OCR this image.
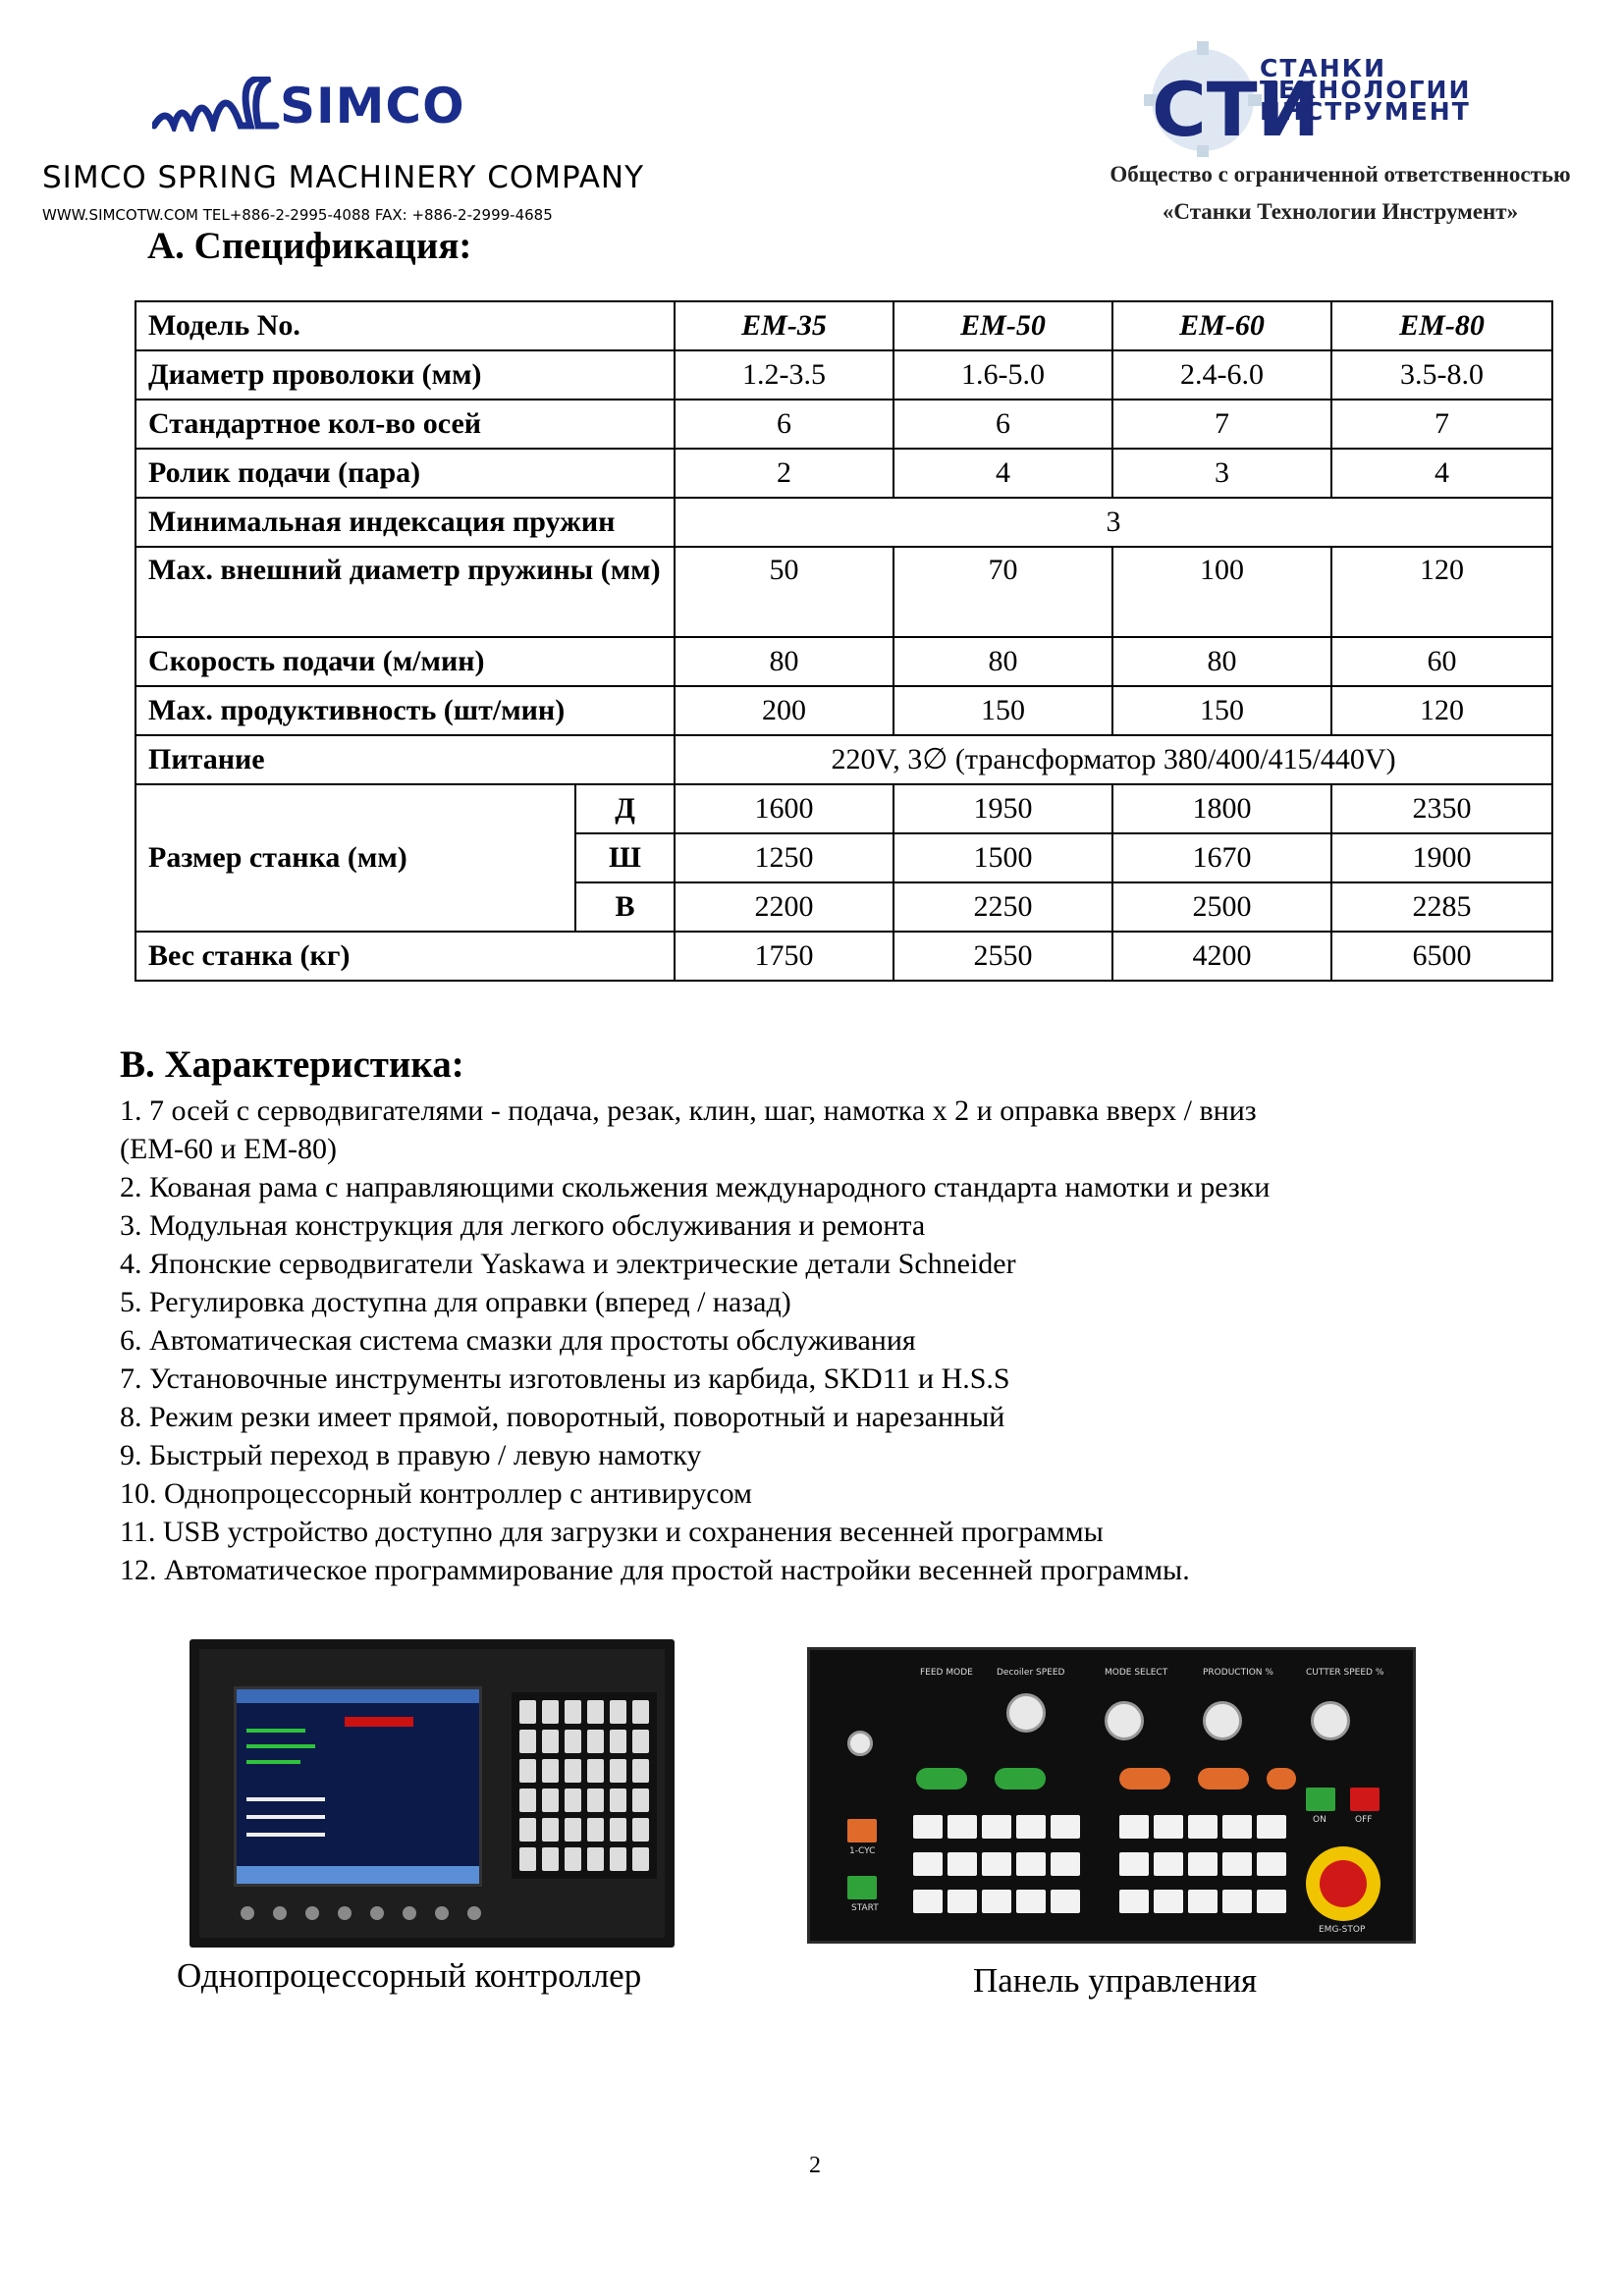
SIMCO
SIMCO SPRING MACHINERY COMPANY
WWW.SIMCOTW.COM TEL+886-2-2995-4088 FAX: +886-2-2999-4685
СТИ
СТАНКИ
ТЕХНОЛОГИИ
ИНСТРУМЕНТ
Общество с ограниченной ответственностью
«Станки Технологии Инструмент»
A. Спецификация:
Модель No.		EM-35	EM-50	EM-60	EM-80
Диаметр проволоки (мм)		1.2-3.5	1.6-5.0	2.4-6.0	3.5-8.0
Стандартное кол-во осей		6	6	7	7
Ролик подачи (пара)		2	4	3	4
Минимальная индексация пружин		3			
Max. внешний диаметр пружины (мм)		50	70	100	120
Скорость подачи (м/мин)		80	80	80	60
Max. продуктивность (шт/мин)		200	150	150	120
Питание		220V, 3∅ (трансформатор 380/400/415/440V)			
Размер станка (мм)	Д	1600	1950	1800	2350
	Ш	1250	1500	1670	1900
	В	2200	2250	2500	2285
Вес станка (кг)		1750	2550	4200	6500
B. Характеристика:
1. 7 осей с серводвигателями - подача, резак, клин, шаг, намотка х 2 и оправка вверх / вниз
(EM-60 и EM-80)
2. Кованая рама с направляющими скольжения международного стандарта намотки и резки
3. Модульная конструкция для легкого обслуживания и ремонта
4. Японские серводвигатели Yaskawa и электрические детали Schneider
5. Регулировка доступна для оправки (вперед / назад)
6. Автоматическая система смазки для простоты обслуживания
7. Установочные инструменты изготовлены из карбида, SKD11 и H.S.S
8. Режим резки имеет прямой, поворотный, поворотный и нарезанный
9. Быстрый переход в правую / левую намотку
10. Однопроцессорный контроллер с антивирусом
11. USB устройство доступно для загрузки и сохранения весенней программы
12. Автоматическое программирование для простой настройки весенней программы.
FEED MODE	Decoiler SPEED	MODE SELECT	PRODUCTION %	CUTTER SPEED %
1-CYC
START
ON	OFF
EMG-STOP
Однопроцессорный контроллер	Панель управления
2
